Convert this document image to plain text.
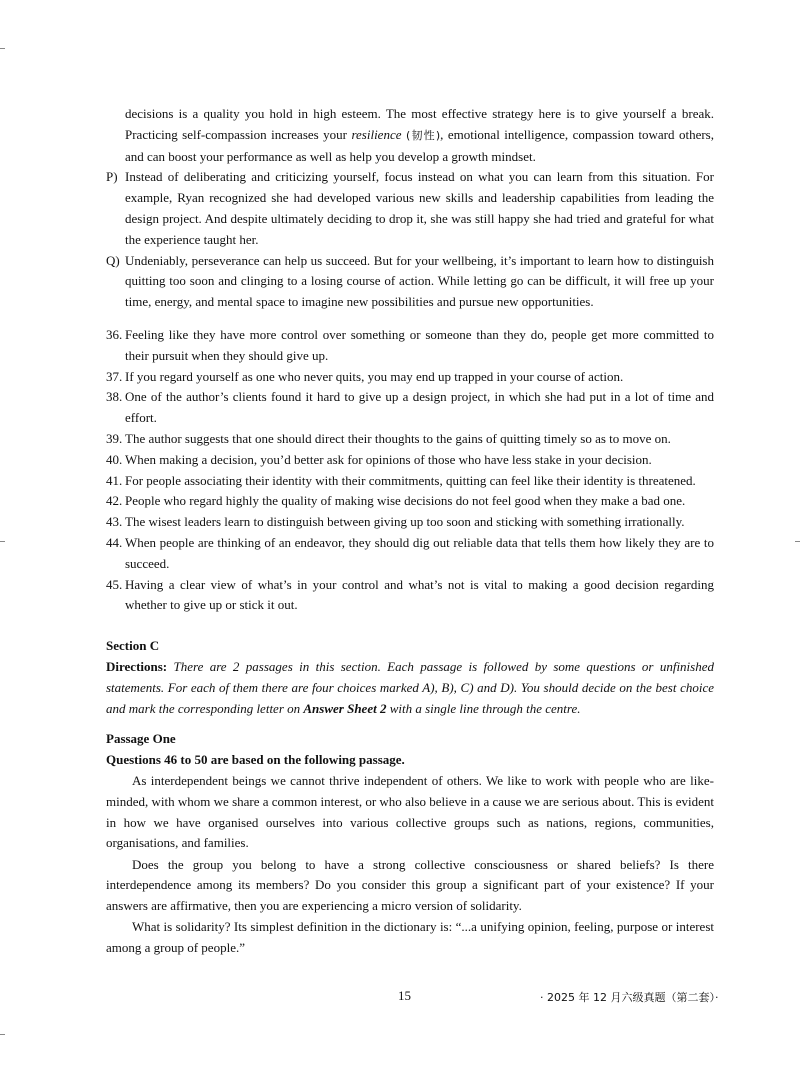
decisions is a quality you hold in high esteem. The most effective strategy here is to give yourself a break. Practicing self-compassion increases your resilience (韧性), emotional intelligence, compassion toward others, and can boost your performance as well as help you develop a growth mindset.

P) Instead of deliberating and criticizing yourself, focus instead on what you can learn from this situation. For example, Ryan recognized she had developed various new skills and leadership capabilities from leading the design project. And despite ultimately deciding to drop it, she was still happy she had tried and grateful for what the experience taught her.
Q) Undeniably, perseverance can help us succeed. But for your wellbeing, it’s important to learn how to distinguish quitting too soon and clinging to a losing course of action. While letting go can be difficult, it will free up your time, energy, and mental space to imagine new possibilities and pursue new opportunities.
36. Feeling like they have more control over something or someone than they do, people get more committed to their pursuit when they should give up.
37. If you regard yourself as one who never quits, you may end up trapped in your course of action.
38. One of the author’s clients found it hard to give up a design project, in which she had put in a lot of time and effort.
39. The author suggests that one should direct their thoughts to the gains of quitting timely so as to move on.
40. When making a decision, you’d better ask for opinions of those who have less stake in your decision.
41. For people associating their identity with their commitments, quitting can feel like their identity is threatened.
42. People who regard highly the quality of making wise decisions do not feel good when they make a bad one.
43. The wisest leaders learn to distinguish between giving up too soon and sticking with something irrationally.
44. When people are thinking of an endeavor, they should dig out reliable data that tells them how likely they are to succeed.
45. Having a clear view of what’s in your control and what’s not is vital to making a good decision regarding whether to give up or stick it out.
Section C

Directions: There are 2 passages in this section. Each passage is followed by some questions or unfinished statements. For each of them there are four choices marked A), B), C) and D). You should decide on the best choice and mark the corresponding letter on Answer Sheet 2 with a single line through the centre.

Passage One
Questions 46 to 50 are based on the following passage.

As interdependent beings we cannot thrive independent of others. We like to work with people who are like-minded, with whom we share a common interest, or who also believe in a cause we are serious about. This is evident in how we have organised ourselves into various collective groups such as nations, regions, communities, organisations, and families.

Does the group you belong to have a strong collective consciousness or shared beliefs? Is there interdependence among its members? Do you consider this group a significant part of your existence? If your answers are affirmative, then you are experiencing a micro version of solidarity.

What is solidarity? Its simplest definition in the dictionary is: “...a unifying opinion, feeling, purpose or interest among a group of people.”

15	· 2025 年 12 月六级真题（第二套）·
